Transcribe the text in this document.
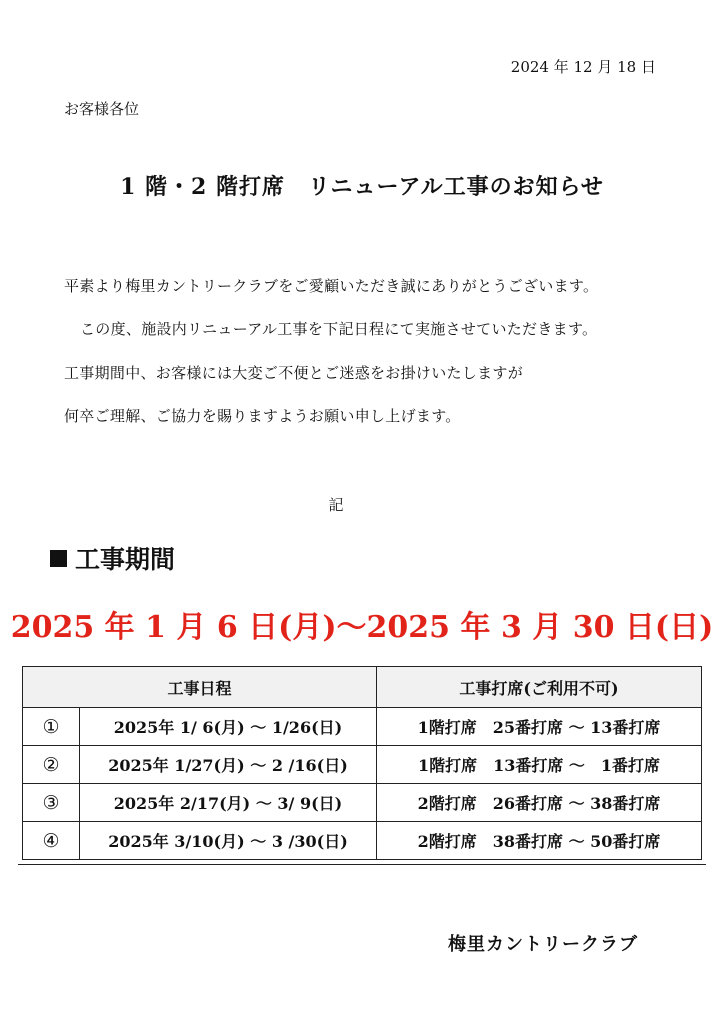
2024 年 12 月 18 日
お客様各位
1 階・2 階打席　リニューアル工事のお知らせ
平素より梅里カントリークラブをご愛顧いただき誠にありがとうございます。
この度、施設内リニューアル工事を下記日程にて実施させていただきます。
工事期間中、お客様には大変ご不便とご迷惑をお掛けいたしますが
何卒ご理解、ご協力を賜りますようお願い申し上げます。
記
工事期間
2025 年 1 月 6 日(月)～2025 年 3 月 30 日(日)
工事日程		工事打席(ご利用不可)
①	2025年 1/ 6(月) ～ 1/26(日)	1階打席　25番打席 ～ 13番打席
②	2025年 1/27(月) ～ 2 /16(日)	1階打席　13番打席 ～　1番打席
③	2025年 2/17(月) ～ 3/ 9(日)	2階打席　26番打席 ～ 38番打席
④	2025年 3/10(月) ～ 3 /30(日)	2階打席　38番打席 ～ 50番打席
梅里カントリークラブ
